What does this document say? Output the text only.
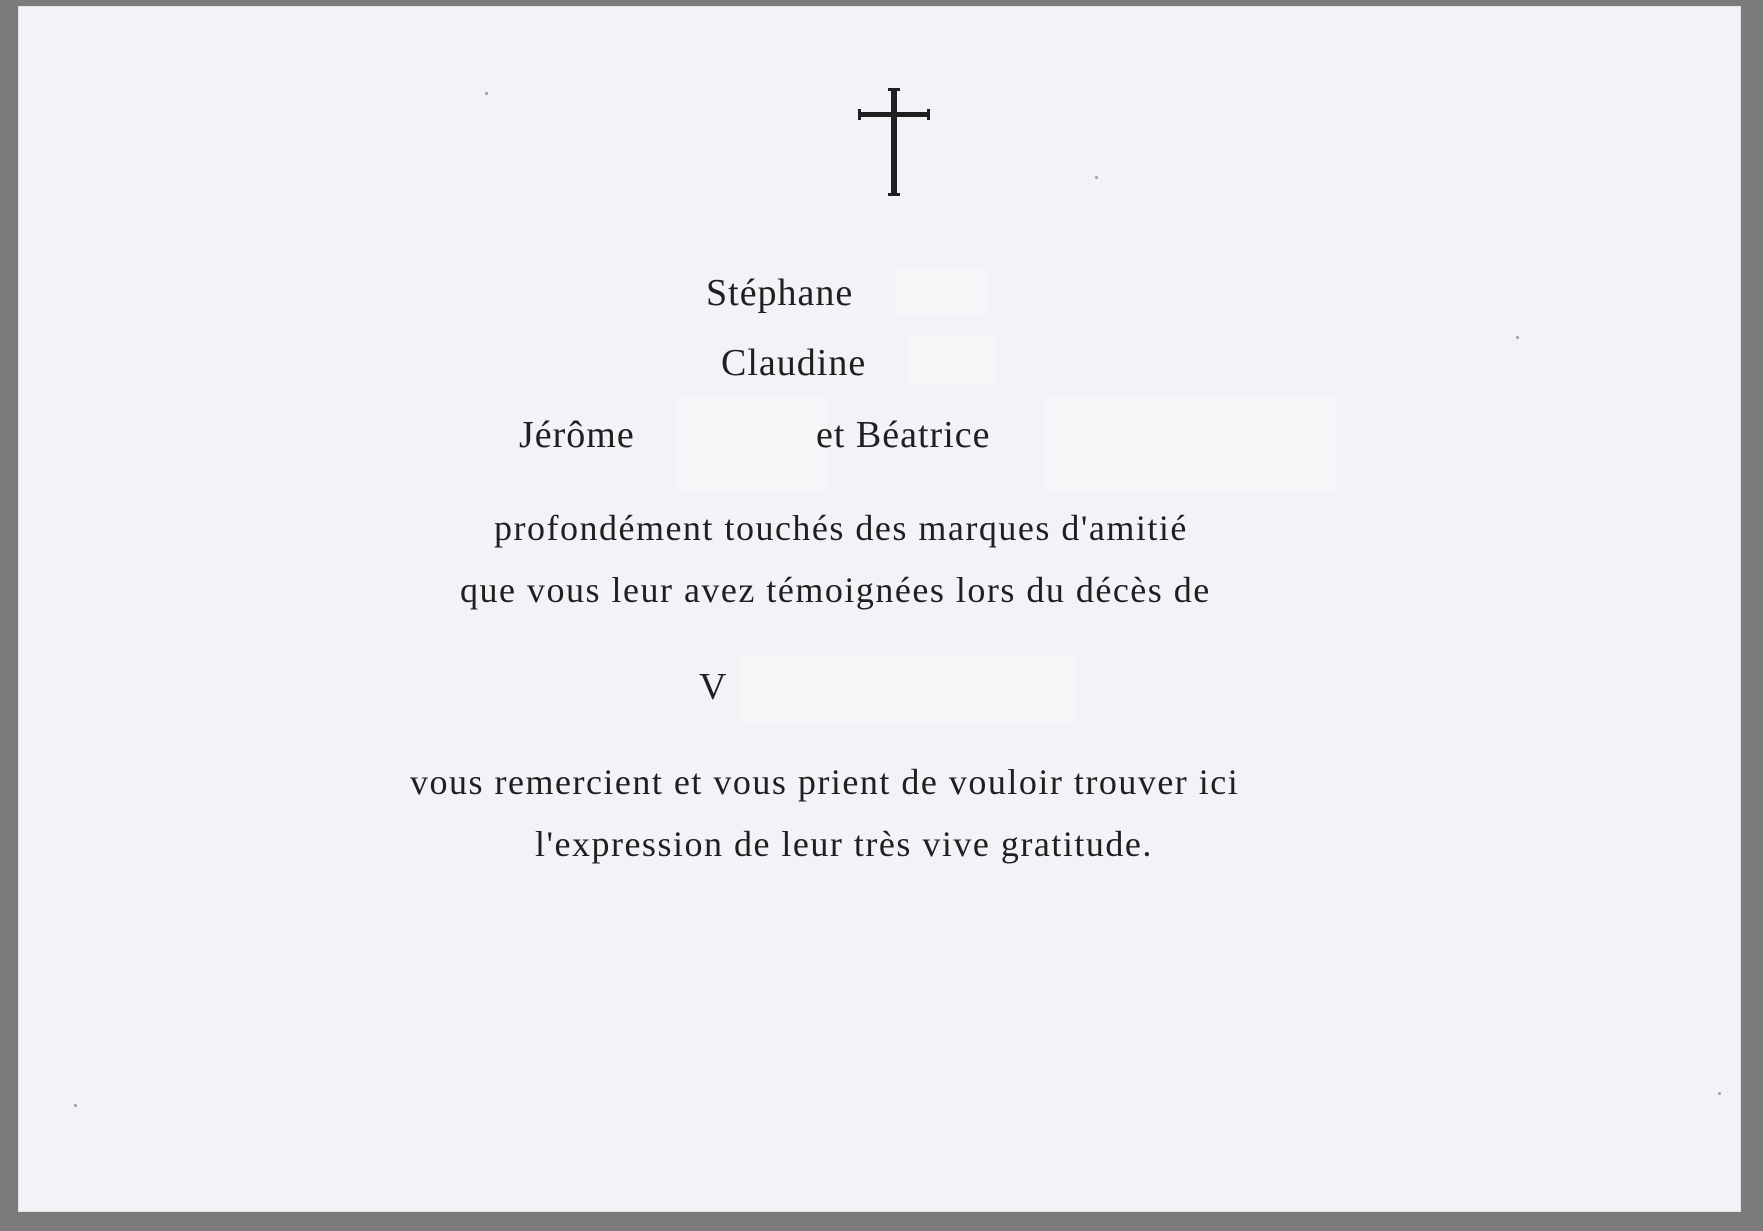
Stéphane
Claudine
Jérôme	et Béatrice
profondément touchés des marques d'amitié
que vous leur avez témoignées lors du décès de
V
vous remercient et vous prient de vouloir trouver ici
l'expression de leur très vive gratitude.
